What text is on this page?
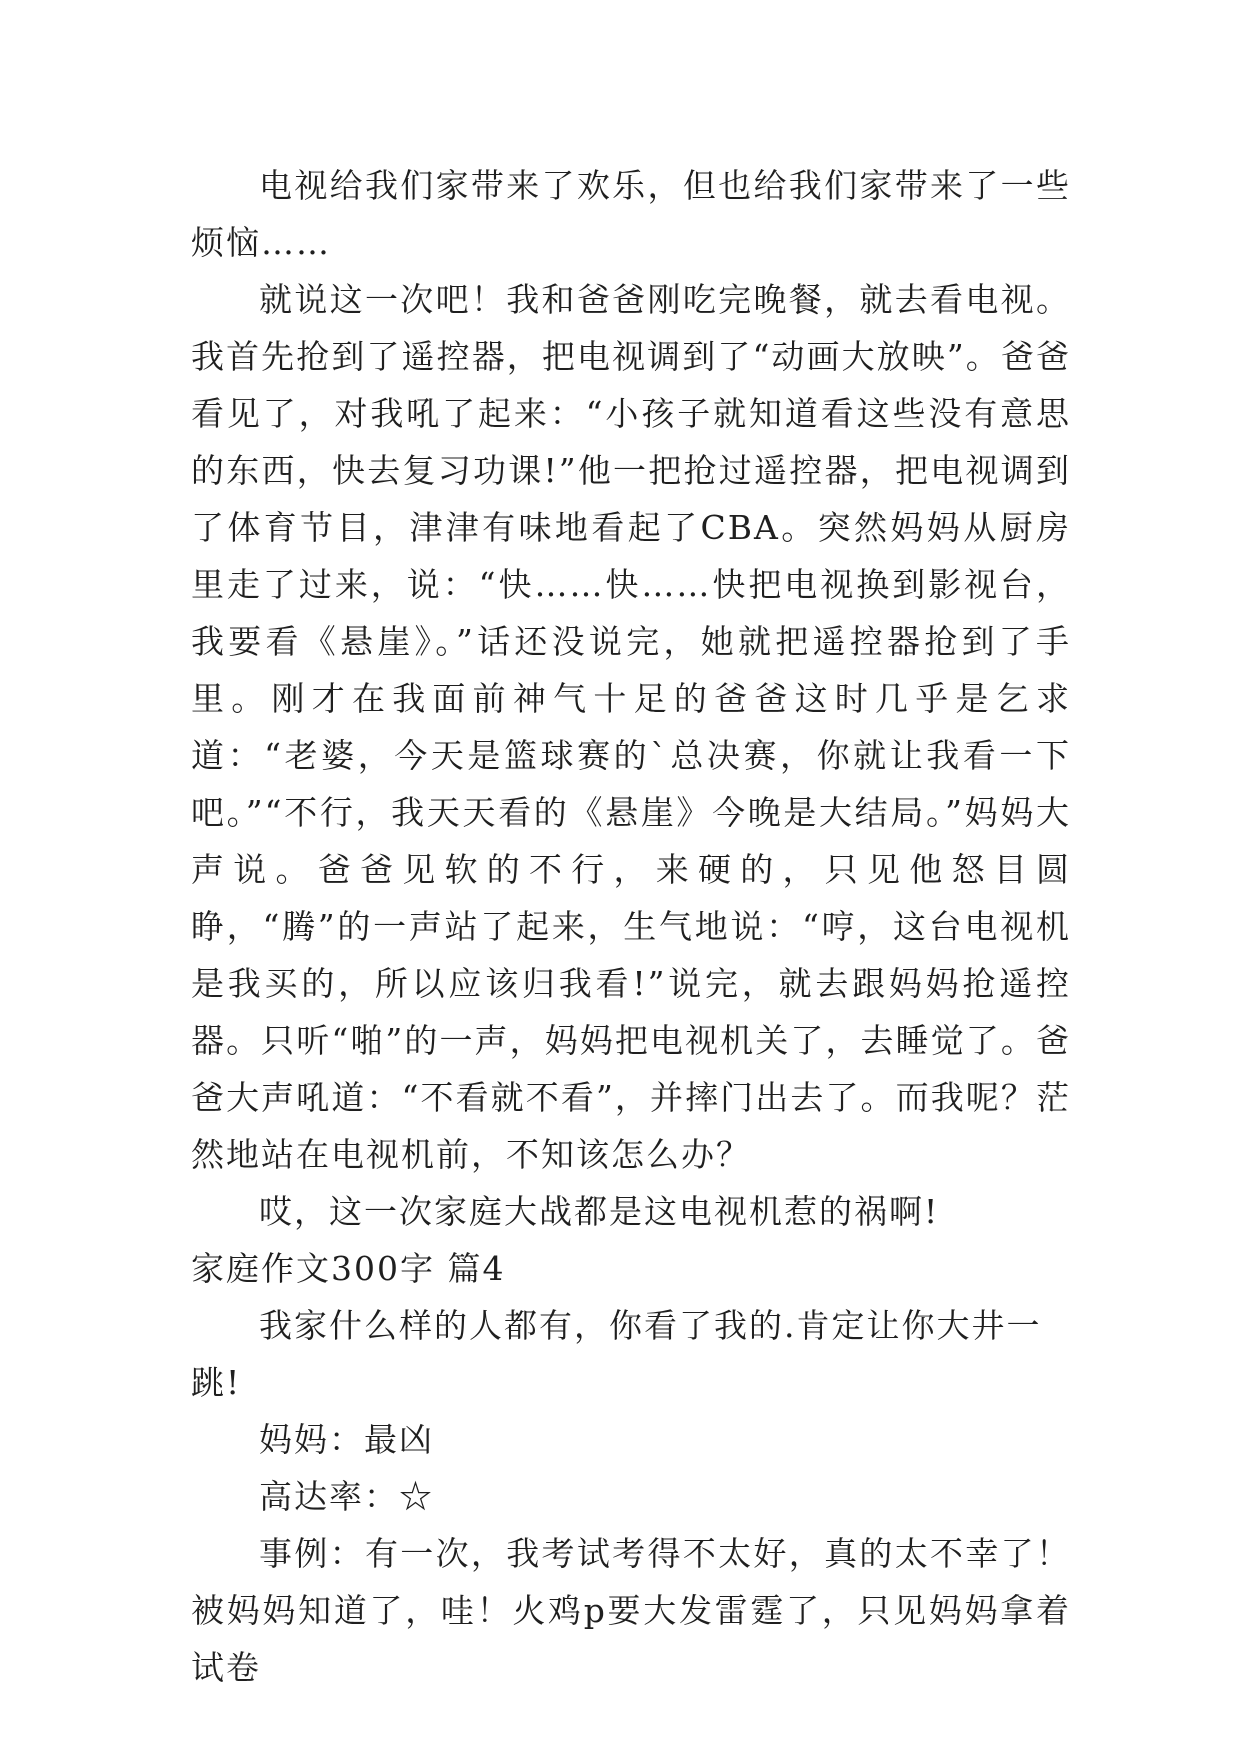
电视给我们家带来了欢乐，但也给我们家带来了一些烦恼……

就说这一次吧！我和爸爸刚吃完晚餐，就去看电视。我首先抢到了遥控器，把电视调到了“动画大放映”。爸爸看见了，对我吼了起来：“小孩子就知道看这些没有意思的东西，快去复习功课!”他一把抢过遥控器，把电视调到了体育节目，津津有味地看起了CBA。突然妈妈从厨房里走了过来，说：“快……快……快把电视换到影视台，我要看《悬崖》。”话还没说完，她就把遥控器抢到了手里。刚才在我面前神气十足的爸爸这时几乎是乞求道：“老婆，今天是篮球赛的`总决赛，你就让我看一下吧。”“不行，我天天看的《悬崖》今晚是大结局。”妈妈大声说。爸爸见软的不行，来硬的，只见他怒目圆睁，“腾”的一声站了起来，生气地说：“哼，这台电视机是我买的，所以应该归我看!”说完，就去跟妈妈抢遥控器。只听“啪”的一声，妈妈把电视机关了，去睡觉了。爸爸大声吼道：“不看就不看”，并摔门出去了。而我呢？茫然地站在电视机前，不知该怎么办？

哎，这一次家庭大战都是这电视机惹的祸啊!

家庭作文300字 篇4

我家什么样的人都有，你看了我的.肯定让你大井一跳!

妈妈：最凶

高达率：☆

事例：有一次，我考试考得不太好，真的太不幸了！被妈妈知道了，哇！火鸡p要大发雷霆了，只见妈妈拿着试卷
